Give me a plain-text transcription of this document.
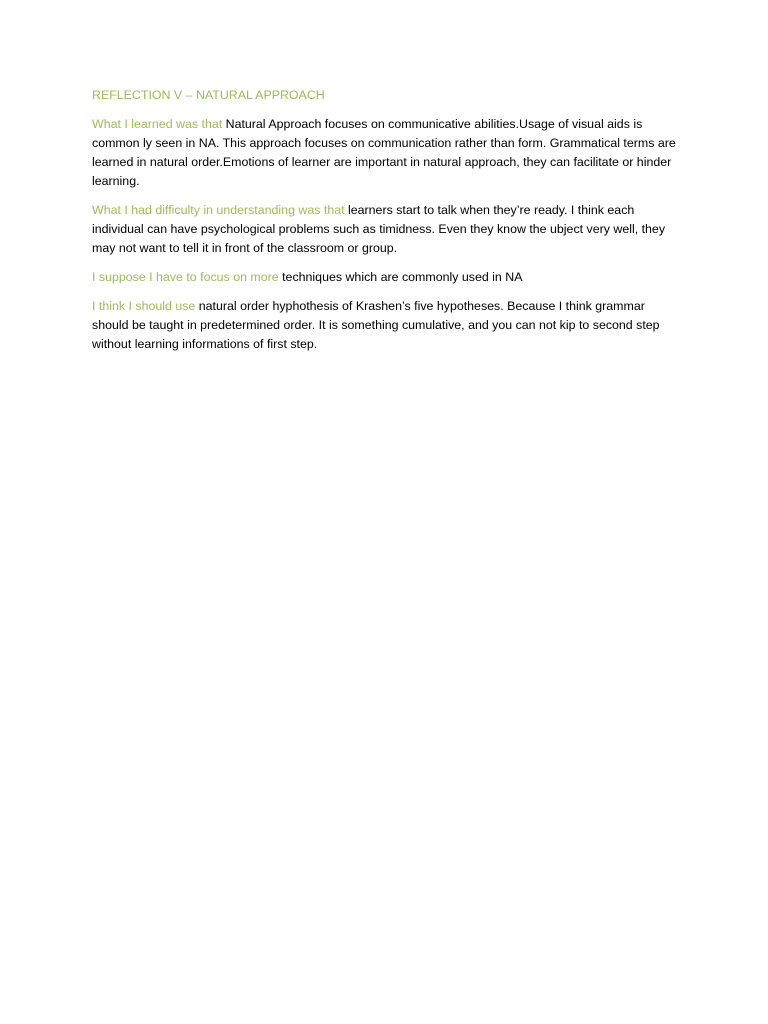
REFLECTION V – NATURAL APPROACH

What I learned was that Natural Approach focuses on communicative abilities.Usage of visual aids is common ly seen in NA. This approach focuses on communication rather than form. Grammatical terms are learned in natural order.Emotions of learner are important in natural approach, they can facilitate or hinder learning.

What I had difficulty in understanding was that learners start to talk when they’re ready. I think each individual can have psychological problems such as timidness. Even they know the ubject very well, they may not want to tell it in front of the classroom or group.

I suppose I have to focus on more techniques which are commonly used in NA

I think I should use natural order hyphothesis of Krashen’s five hypotheses. Because I think grammar should be taught in predetermined order. It is something cumulative, and you can not kip to second step without learning informations of first step.
